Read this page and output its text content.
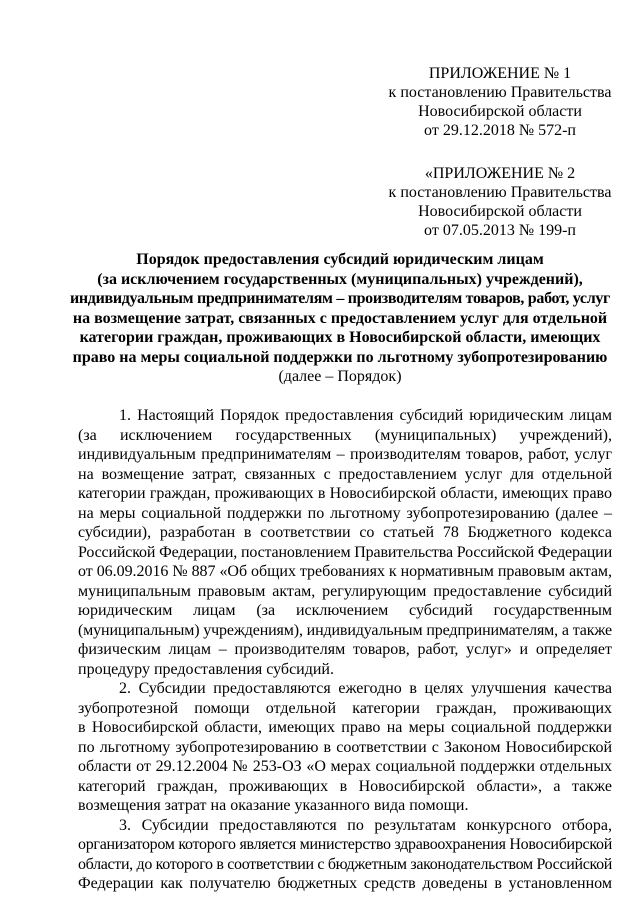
ПРИЛОЖЕНИЕ № 1
к постановлению Правительства
Новосибирской области
от 29.12.2018 № 572-п
«ПРИЛОЖЕНИЕ № 2
к постановлению Правительства
Новосибирской области
от 07.05.2013 № 199-п
Порядок предоставления субсидий юридическим лицам
(за исключением государственных (муниципальных) учреждений),
индивидуальным предпринимателям – производителям товаров, работ, услуг
на возмещение затрат, связанных с предоставлением услуг для отдельной
категории граждан, проживающих в Новосибирской области, имеющих
право на меры социальной поддержки по льготному зубопротезированию
(далее – Порядок)
1. Настоящий Порядок предоставления субсидий юридическим лицам
(за исключением государственных (муниципальных) учреждений),
индивидуальным предпринимателям – производителям товаров, работ, услуг
на возмещение затрат, связанных с предоставлением услуг для отдельной
категории граждан, проживающих в Новосибирской области, имеющих право
на меры социальной поддержки по льготному зубопротезированию (далее –
субсидии), разработан в соответствии со статьей 78 Бюджетного кодекса
Российской Федерации, постановлением Правительства Российской Федерации
от 06.09.2016 № 887 «Об общих требованиях к нормативным правовым актам,
муниципальным правовым актам, регулирующим предоставление субсидий
юридическим лицам (за исключением субсидий государственным
(муниципальным) учреждениям), индивидуальным предпринимателям, а также
физическим лицам – производителям товаров, работ, услуг» и определяет
процедуру предоставления субсидий.
2. Субсидии предоставляются ежегодно в целях улучшения качества
зубопротезной помощи отдельной категории граждан, проживающих
в Новосибирской области, имеющих право на меры социальной поддержки
по льготному зубопротезированию в соответствии с Законом Новосибирской
области от 29.12.2004 № 253-ОЗ «О мерах социальной поддержки отдельных
категорий граждан, проживающих в Новосибирской области», а также
возмещения затрат на оказание указанного вида помощи.
3. Субсидии предоставляются по результатам конкурсного отбора,
организатором которого является министерство здравоохранения Новосибирской
области, до которого в соответствии с бюджетным законодательством Российской
Федерации как получателю бюджетных средств доведены в установленном
